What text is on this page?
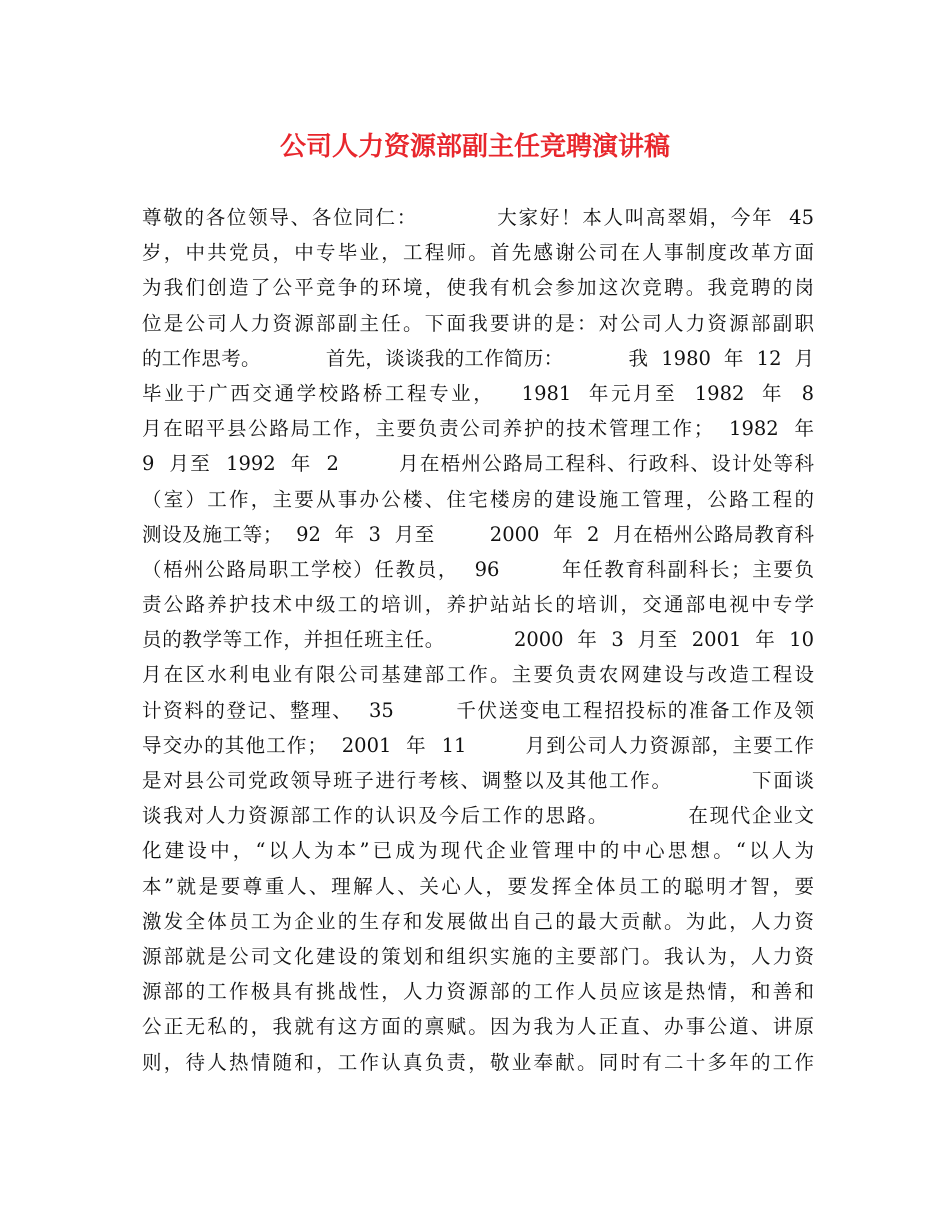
公司人力资源部副主任竞聘演讲稿
尊敬的各位领导、各位同仁：          大家好！本人叫高翠娟，今年  45
岁，中共党员，中专毕业，工程师。首先感谢公司在人事制度改革方面
为我们创造了公平竞争的环境，使我有机会参加这次竞聘。我竞聘的岗
位是公司人力资源部副主任。下面我要讲的是：对公司人力资源部副职
的工作思考。          首先，谈谈我的工作简历：          我  1980  年  12  月
毕业于广西交通学校路桥工程专业，   1981  年元月至  1982  年  8
月在昭平县公路局工作，主要负责公司养护的技术管理工作；  1982  年
9  月至  1992  年  2        月在梧州公路局工程科、行政科、设计处等科
（室）工作，主要从事办公楼、住宅楼房的建设施工管理，公路工程的
测设及施工等；  92  年  3  月至        2000  年  2  月在梧州公路局教育科
（梧州公路局职工学校）任教员，  96        年任教育科副科长；主要负
责公路养护技术中级工的培训，养护站站长的培训，交通部电视中专学
员的教学等工作，并担任班主任。          2000  年  3  月至  2001  年  10
月在区水利电业有限公司基建部工作。主要负责农网建设与改造工程设
计资料的登记、整理、  35        千伏送变电工程招投标的准备工作及领
导交办的其他工作；  2001  年  11        月到公司人力资源部，主要工作
是对县公司党政领导班子进行考核、调整以及其他工作。          下面谈
谈我对人力资源部工作的认识及今后工作的思路。          在现代企业文
化建设中，“以人为本”已成为现代企业管理中的中心思想。“以人为
本”就是要尊重人、理解人、关心人，要发挥全体员工的聪明才智，要
激发全体员工为企业的生存和发展做出自己的最大贡献。为此，人力资
源部就是公司文化建设的策划和组织实施的主要部门。我认为，人力资
源部的工作极具有挑战性，人力资源部的工作人员应该是热情，和善和
公正无私的，我就有这方面的禀赋。因为我为人正直、办事公道、讲原
则，待人热情随和，工作认真负责，敬业奉献。同时有二十多年的工作
